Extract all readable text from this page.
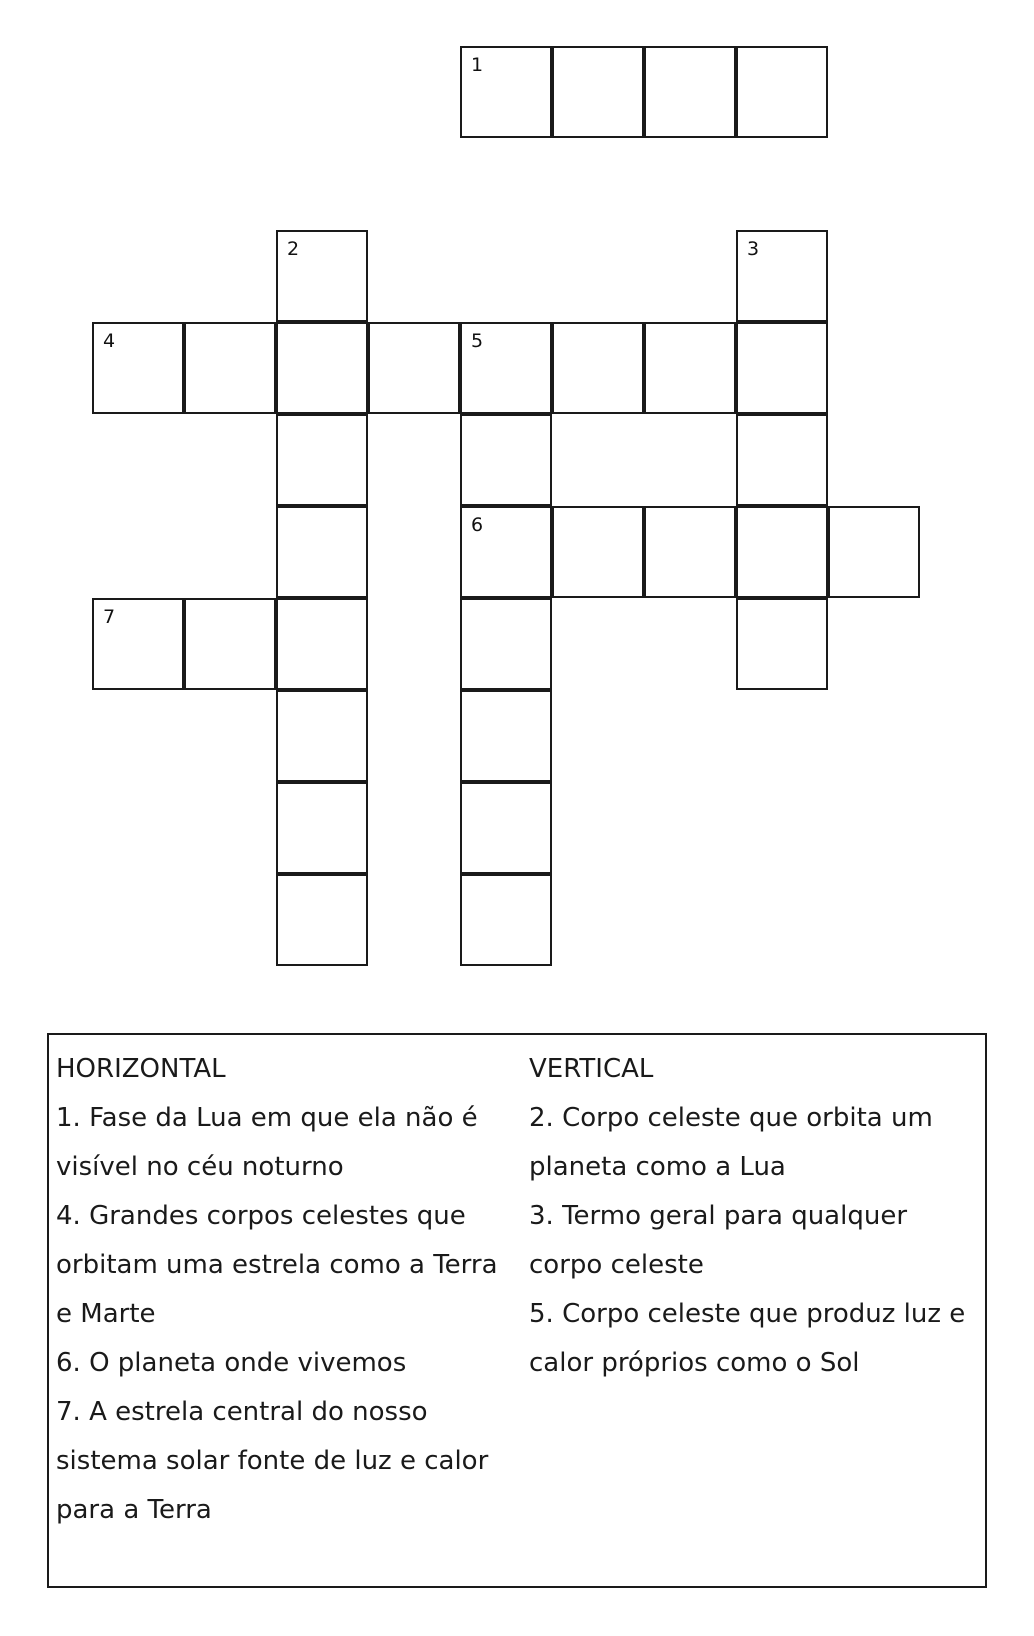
1
2	3
4	5
6
7

HORIZONTAL

1. Fase da Lua em que ela não é visível no céu noturno

4. Grandes corpos celestes que orbitam uma estrela como a Terra e Marte

6. O planeta onde vivemos

7. A estrela central do nosso sistema solar fonte de luz e calor para a Terra

VERTICAL

2. Corpo celeste que orbita um planeta como a Lua

3. Termo geral para qualquer corpo celeste

5. Corpo celeste que produz luz e calor próprios como o Sol
